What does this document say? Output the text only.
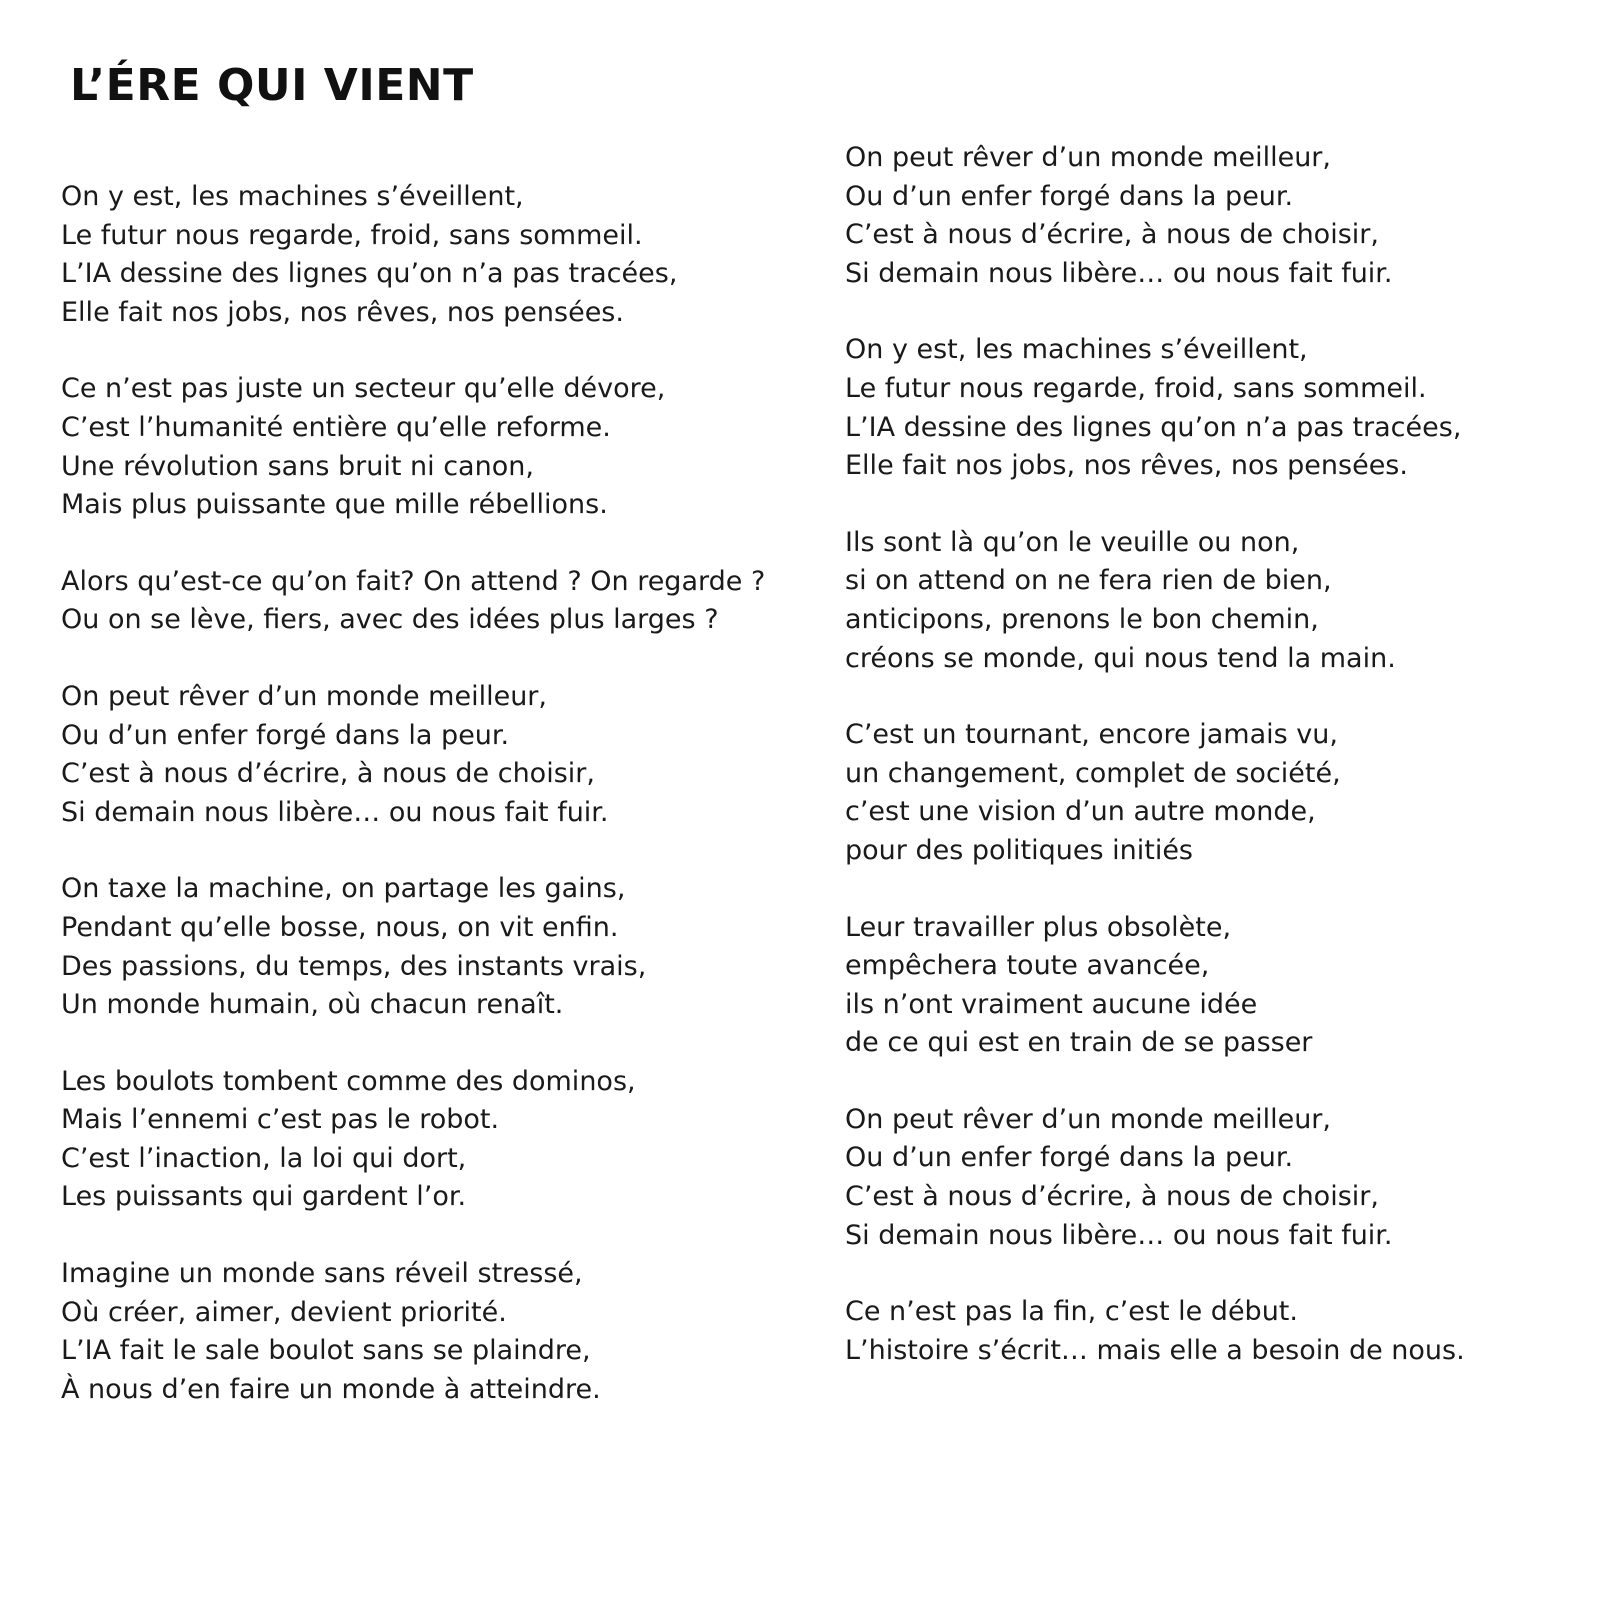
L’ÉRE QUI VIENT
On y est, les machines s’éveillent,
Le futur nous regarde, froid, sans sommeil.
L’IA dessine des lignes qu’on n’a pas tracées,
Elle fait nos jobs, nos rêves, nos pensées.
Ce n’est pas juste un secteur qu’elle dévore,
C’est l’humanité entière qu’elle reforme.
Une révolution sans bruit ni canon,
Mais plus puissante que mille rébellions.
Alors qu’est-ce qu’on fait? On attend ? On regarde ?
Ou on se lève, fiers, avec des idées plus larges ?
On peut rêver d’un monde meilleur,
Ou d’un enfer forgé dans la peur.
C’est à nous d’écrire, à nous de choisir,
Si demain nous libère… ou nous fait fuir.
On taxe la machine, on partage les gains,
Pendant qu’elle bosse, nous, on vit enfin.
Des passions, du temps, des instants vrais,
Un monde humain, où chacun renaît.
Les boulots tombent comme des dominos,
Mais l’ennemi c’est pas le robot.
C’est l’inaction, la loi qui dort,
Les puissants qui gardent l’or.
Imagine un monde sans réveil stressé,
Où créer, aimer, devient priorité.
L’IA fait le sale boulot sans se plaindre,
À nous d’en faire un monde à atteindre.
On peut rêver d’un monde meilleur,
Ou d’un enfer forgé dans la peur.
C’est à nous d’écrire, à nous de choisir,
Si demain nous libère… ou nous fait fuir.
On y est, les machines s’éveillent,
Le futur nous regarde, froid, sans sommeil.
L’IA dessine des lignes qu’on n’a pas tracées,
Elle fait nos jobs, nos rêves, nos pensées.
Ils sont là qu’on le veuille ou non,
si on attend on ne fera rien de bien,
anticipons, prenons le bon chemin,
créons se monde, qui nous tend la main.
C’est un tournant, encore jamais vu,
un changement, complet de société,
c’est une vision d’un autre monde,
pour des politiques initiés
Leur travailler plus obsolète,
empêchera toute avancée,
ils n’ont vraiment aucune idée
de ce qui est en train de se passer
On peut rêver d’un monde meilleur,
Ou d’un enfer forgé dans la peur.
C’est à nous d’écrire, à nous de choisir,
Si demain nous libère… ou nous fait fuir.
Ce n’est pas la fin, c’est le début.
L’histoire s’écrit… mais elle a besoin de nous.
